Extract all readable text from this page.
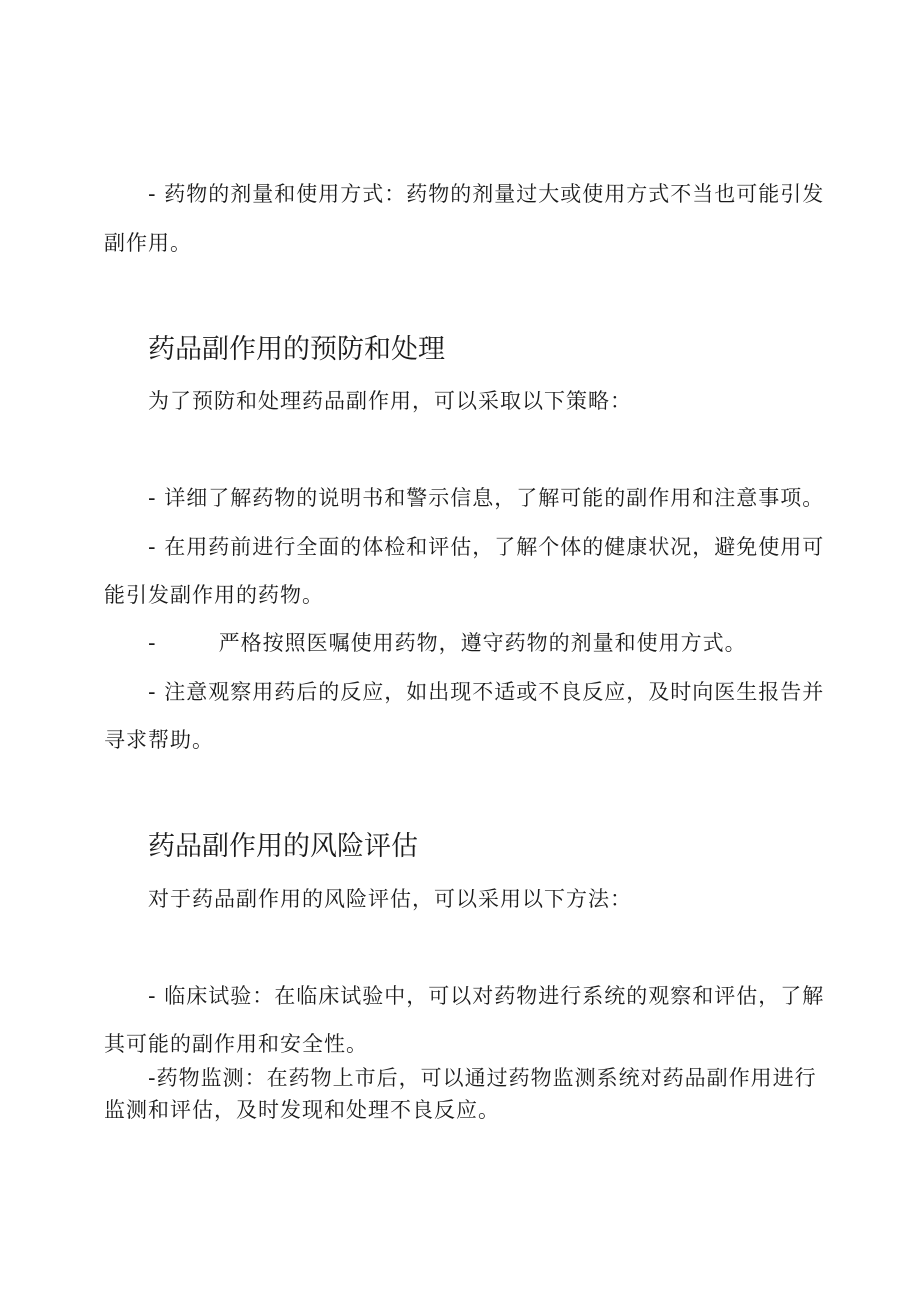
- 药物的剂量和使用方式：药物的剂量过大或使用方式不当也可能引发
副作用。
药品副作用的预防和处理
为了预防和处理药品副作用，可以采取以下策略：
- 详细了解药物的说明书和警示信息，了解可能的副作用和注意事项。
- 在用药前进行全面的体检和评估，了解个体的健康状况，避免使用可
能引发副作用的药物。
-	严格按照医嘱使用药物，遵守药物的剂量和使用方式。
- 注意观察用药后的反应，如出现不适或不良反应，及时向医生报告并
寻求帮助。
药品副作用的风险评估
对于药品副作用的风险评估，可以采用以下方法：
- 临床试验：在临床试验中，可以对药物进行系统的观察和评估，了解
其可能的副作用和安全性。
-药物监测：在药物上市后，可以通过药物监测系统对药品副作用进行
监测和评估，及时发现和处理不良反应。
